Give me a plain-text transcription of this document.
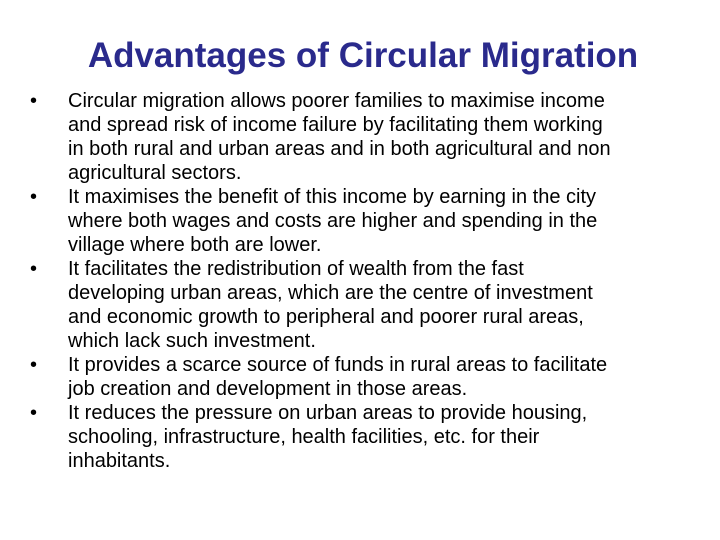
Advantages of Circular Migration
•	Circular migration allows poorer families to maximise income
and spread risk of income failure by facilitating them working
in both rural and urban areas and in both agricultural and non
agricultural sectors.
•	It maximises the benefit of this income by earning in the city
where both wages and costs are higher and spending in the
village where both are lower.
•	It facilitates the redistribution of wealth from the fast
developing urban areas, which are the centre of investment
and economic growth to peripheral and poorer rural areas,
which lack such investment.
•	It provides a scarce source of funds in rural areas to facilitate
job creation and development in those areas.
•	It reduces the pressure on urban areas to provide housing,
schooling, infrastructure, health facilities, etc. for their
inhabitants.
